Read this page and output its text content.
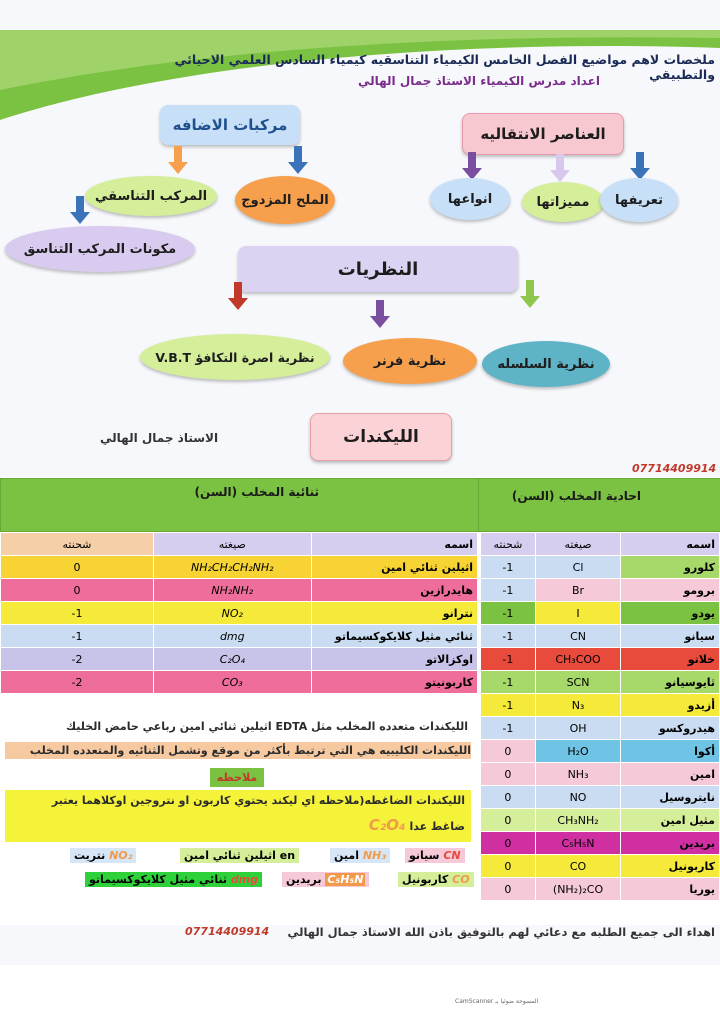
ملخصات لاهم مواضيع الفصل الخامس الكيمياء التناسقيه كيمياء السادس العلمي الاحيائي والتطبيقي
اعداد مدرس الكيمياء الاستاذ جمال الهالي
مركبات الاضافه
المركب التناسقي	الملح المزدوج
مكونات المركب التناسق
العناصر الانتقاليه
انواعها	مميزاتها	تعريفها
النظريات
نظرية اصرة التكافؤ V.B.T	نظرية فرنر	نظرية السلسله
الليكندات
الاستاذ جمال الهالي
07714409914
ثنائية المخلب (السن)	احادية المخلب (السن)
شحنته	صيغته	اسمه
0	NH₂CH₂CH₂NH₂	اثيلين ثنائي امين
0	NH₂NH₂	هايدرازين
-1	NO₂	نترانو
-1	dmg	ثنائي مثيل كلايكوكسيماتو
-2	C₂O₄	اوكزالاتو
-2	CO₃	كاربونيتو
شحنته	صيغته	اسمه
-1	Cl	كلورو
-1	Br	برومو
-1	I	يودو
-1	CN	سيانو
-1	CH₃COO	خلاتو
-1	SCN	ثايوسيانو
-1	N₃	أزيدو
-1	OH	هيدروكسو
0	H₂O	أكوا
0	NH₃	امين
0	NO	نايتروسيل
0	CH₃NH₂	مثيل امين
0	C₅H₅N	بريدين
0	CO	كاربونيل
0	(NH₂)₂CO	يوريا
الليكندات متعدده المخلب مثل EDTA اثيلين ثنائي امين رباعي حامض الخليك
الليكندات الكليبيه هي التي ترتبط بأكثر من موقع وتشمل الثنائيه والمتعدده المخلب
ملاحظه
الليكندات الضاغطه(ملاحظه اي ليكند يحتوي كاربون او نتروجين اوكلاهما يعتبر
ضاغط عدا C₂O₄
NO₂ نتريت	en اثيلين ثنائي امين	NH₃ امين	CN سيانو
dmg ثنائي مثيل كلايكوكسيماتو	C₅H₅N بريدين	CO كاربونيل
07714409914 اهداء الى جميع الطلبه مع دعائي لهم بالتوفيق باذن الله الاستاذ جمال الهالي
CamScanner المسوحة ضوئيا بـ
